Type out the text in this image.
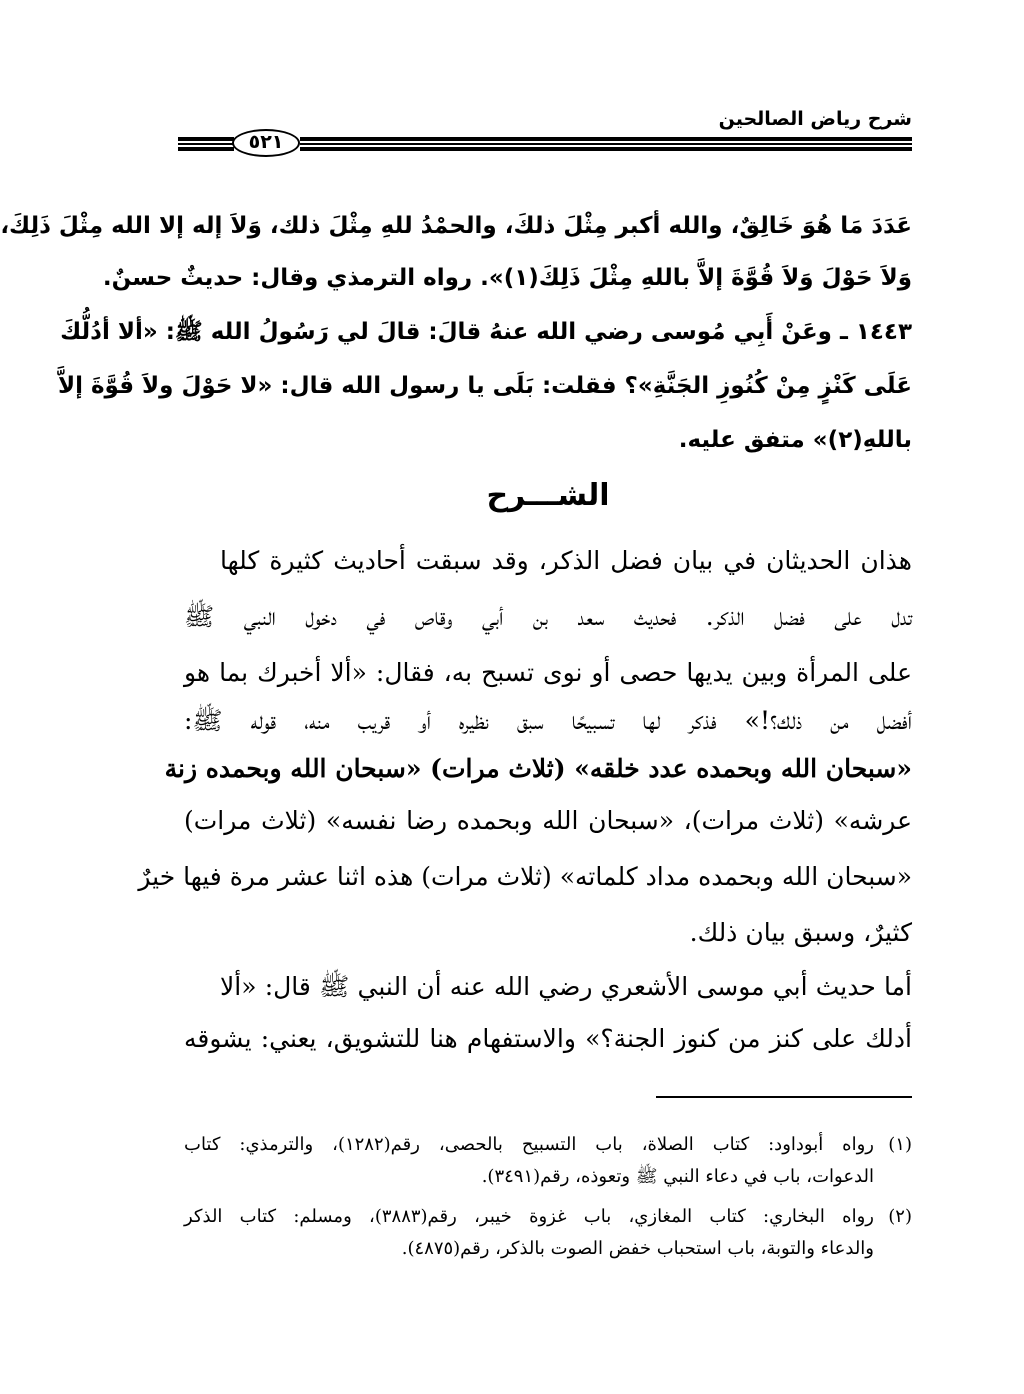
شرح رياض الصالحين
٥٢١
عَدَدَ مَا هُوَ خَالِقٌ، والله أكبر مِثْلَ ذلكَ، والحمْدُ للهِ مِثْلَ ذلك، وَلاَ إله إلا الله مِثْلَ ذَلِكَ،
وَلاَ حَوْلَ وَلاَ قُوَّةَ إلاَّ باللهِ مِثْلَ ذَلِكَ(١)». رواه الترمذي وقال: حديثٌ حسنٌ.
١٤٤٣ ـ وعَنْ أَبِي مُوسى رضي الله عنهُ قالَ: قالَ لي رَسُولُ الله ﷺ: «ألا أدُلُّكَ
عَلَى كَنْزٍ مِنْ كُنُوزِ الجَنَّةِ»؟ فقلت: بَلَى يا رسول الله قال: «لا حَوْلَ ولاَ قُوَّةَ إلاَّ
باللهِ(٢)» متفق عليه.
الشـــرح
هذان الحديثان في بيان فضل الذكر، وقد سبقت أحاديث كثيرة كلها
تدل على فضل الذكر. فحديث سعد بن أبي وقاص في دخول النبي ﷺ
على المرأة وبين يديها حصى أو نوى تسبح به، فقال: «ألا أخبرك بما هو
أفضل من ذلك؟!» فذكر لها تسبيحًا سبق نظيره أو قريب منه، قوله ﷺ:
«سبحان الله وبحمده عدد خلقه» (ثلاث مرات) «سبحان الله وبحمده زنة
عرشه» (ثلاث مرات)، «سبحان الله وبحمده رضا نفسه» (ثلاث مرات)
«سبحان الله وبحمده مداد كلماته» (ثلاث مرات) هذه اثنا عشر مرة فيها خيرٌ
كثيرٌ، وسبق بيان ذلك.
أما حديث أبي موسى الأشعري رضي الله عنه أن النبي ﷺ قال: «ألا
أدلك على كنز من كنوز الجنة؟» والاستفهام هنا للتشويق، يعني: يشوقه
(١)
رواه أبوداود: كتاب الصلاة، باب التسبيح بالحصى، رقم(١٢٨٢)، والترمذي: كتاب
الدعوات، باب في دعاء النبي ﷺ وتعوذه، رقم(٣٤٩١).
(٢)
رواه البخاري: كتاب المغازي، باب غزوة خيبر، رقم(٣٨٨٣)، ومسلم: كتاب الذكر
والدعاء والتوبة، باب استحباب خفض الصوت بالذكر، رقم(٤٨٧٥).
